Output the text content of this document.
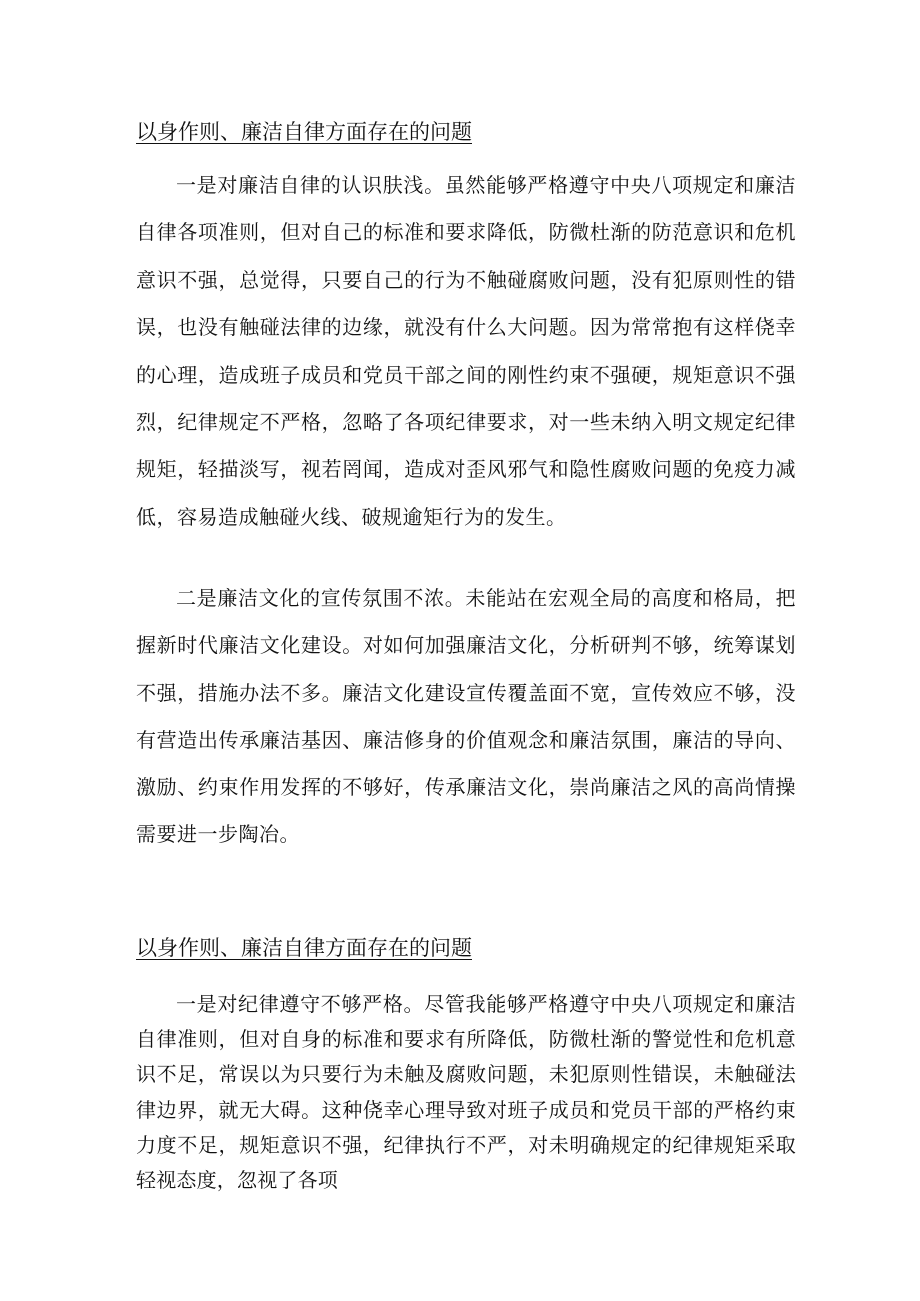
以身作则、廉洁自律方面存在的问题

一是对廉洁自律的认识肤浅。虽然能够严格遵守中央八项规定和廉洁自律各项准则，但对自己的标准和要求降低，防微杜渐的防范意识和危机意识不强，总觉得，只要自己的行为不触碰腐败问题，没有犯原则性的错误，也没有触碰法律的边缘，就没有什么大问题。因为常常抱有这样侥幸的心理，造成班子成员和党员干部之间的刚性约束不强硬，规矩意识不强烈，纪律规定不严格，忽略了各项纪律要求，对一些未纳入明文规定纪律规矩，轻描淡写，视若罔闻，造成对歪风邪气和隐性腐败问题的免疫力减低，容易造成触碰火线、破规逾矩行为的发生。

二是廉洁文化的宣传氛围不浓。未能站在宏观全局的高度和格局，把握新时代廉洁文化建设。对如何加强廉洁文化，分析研判不够，统筹谋划不强，措施办法不多。廉洁文化建设宣传覆盖面不宽，宣传效应不够，没有营造出传承廉洁基因、廉洁修身的价值观念和廉洁氛围，廉洁的导向、激励、约束作用发挥的不够好，传承廉洁文化，崇尚廉洁之风的高尚情操需要进一步陶冶。

以身作则、廉洁自律方面存在的问题

一是对纪律遵守不够严格。尽管我能够严格遵守中央八项规定和廉洁自律准则，但对自身的标准和要求有所降低，防微杜渐的警觉性和危机意识不足，常误以为只要行为未触及腐败问题，未犯原则性错误，未触碰法律边界，就无大碍。这种侥幸心理导致对班子成员和党员干部的严格约束力度不足，规矩意识不强，纪律执行不严，对未明确规定的纪律规矩采取轻视态度，忽视了各项
